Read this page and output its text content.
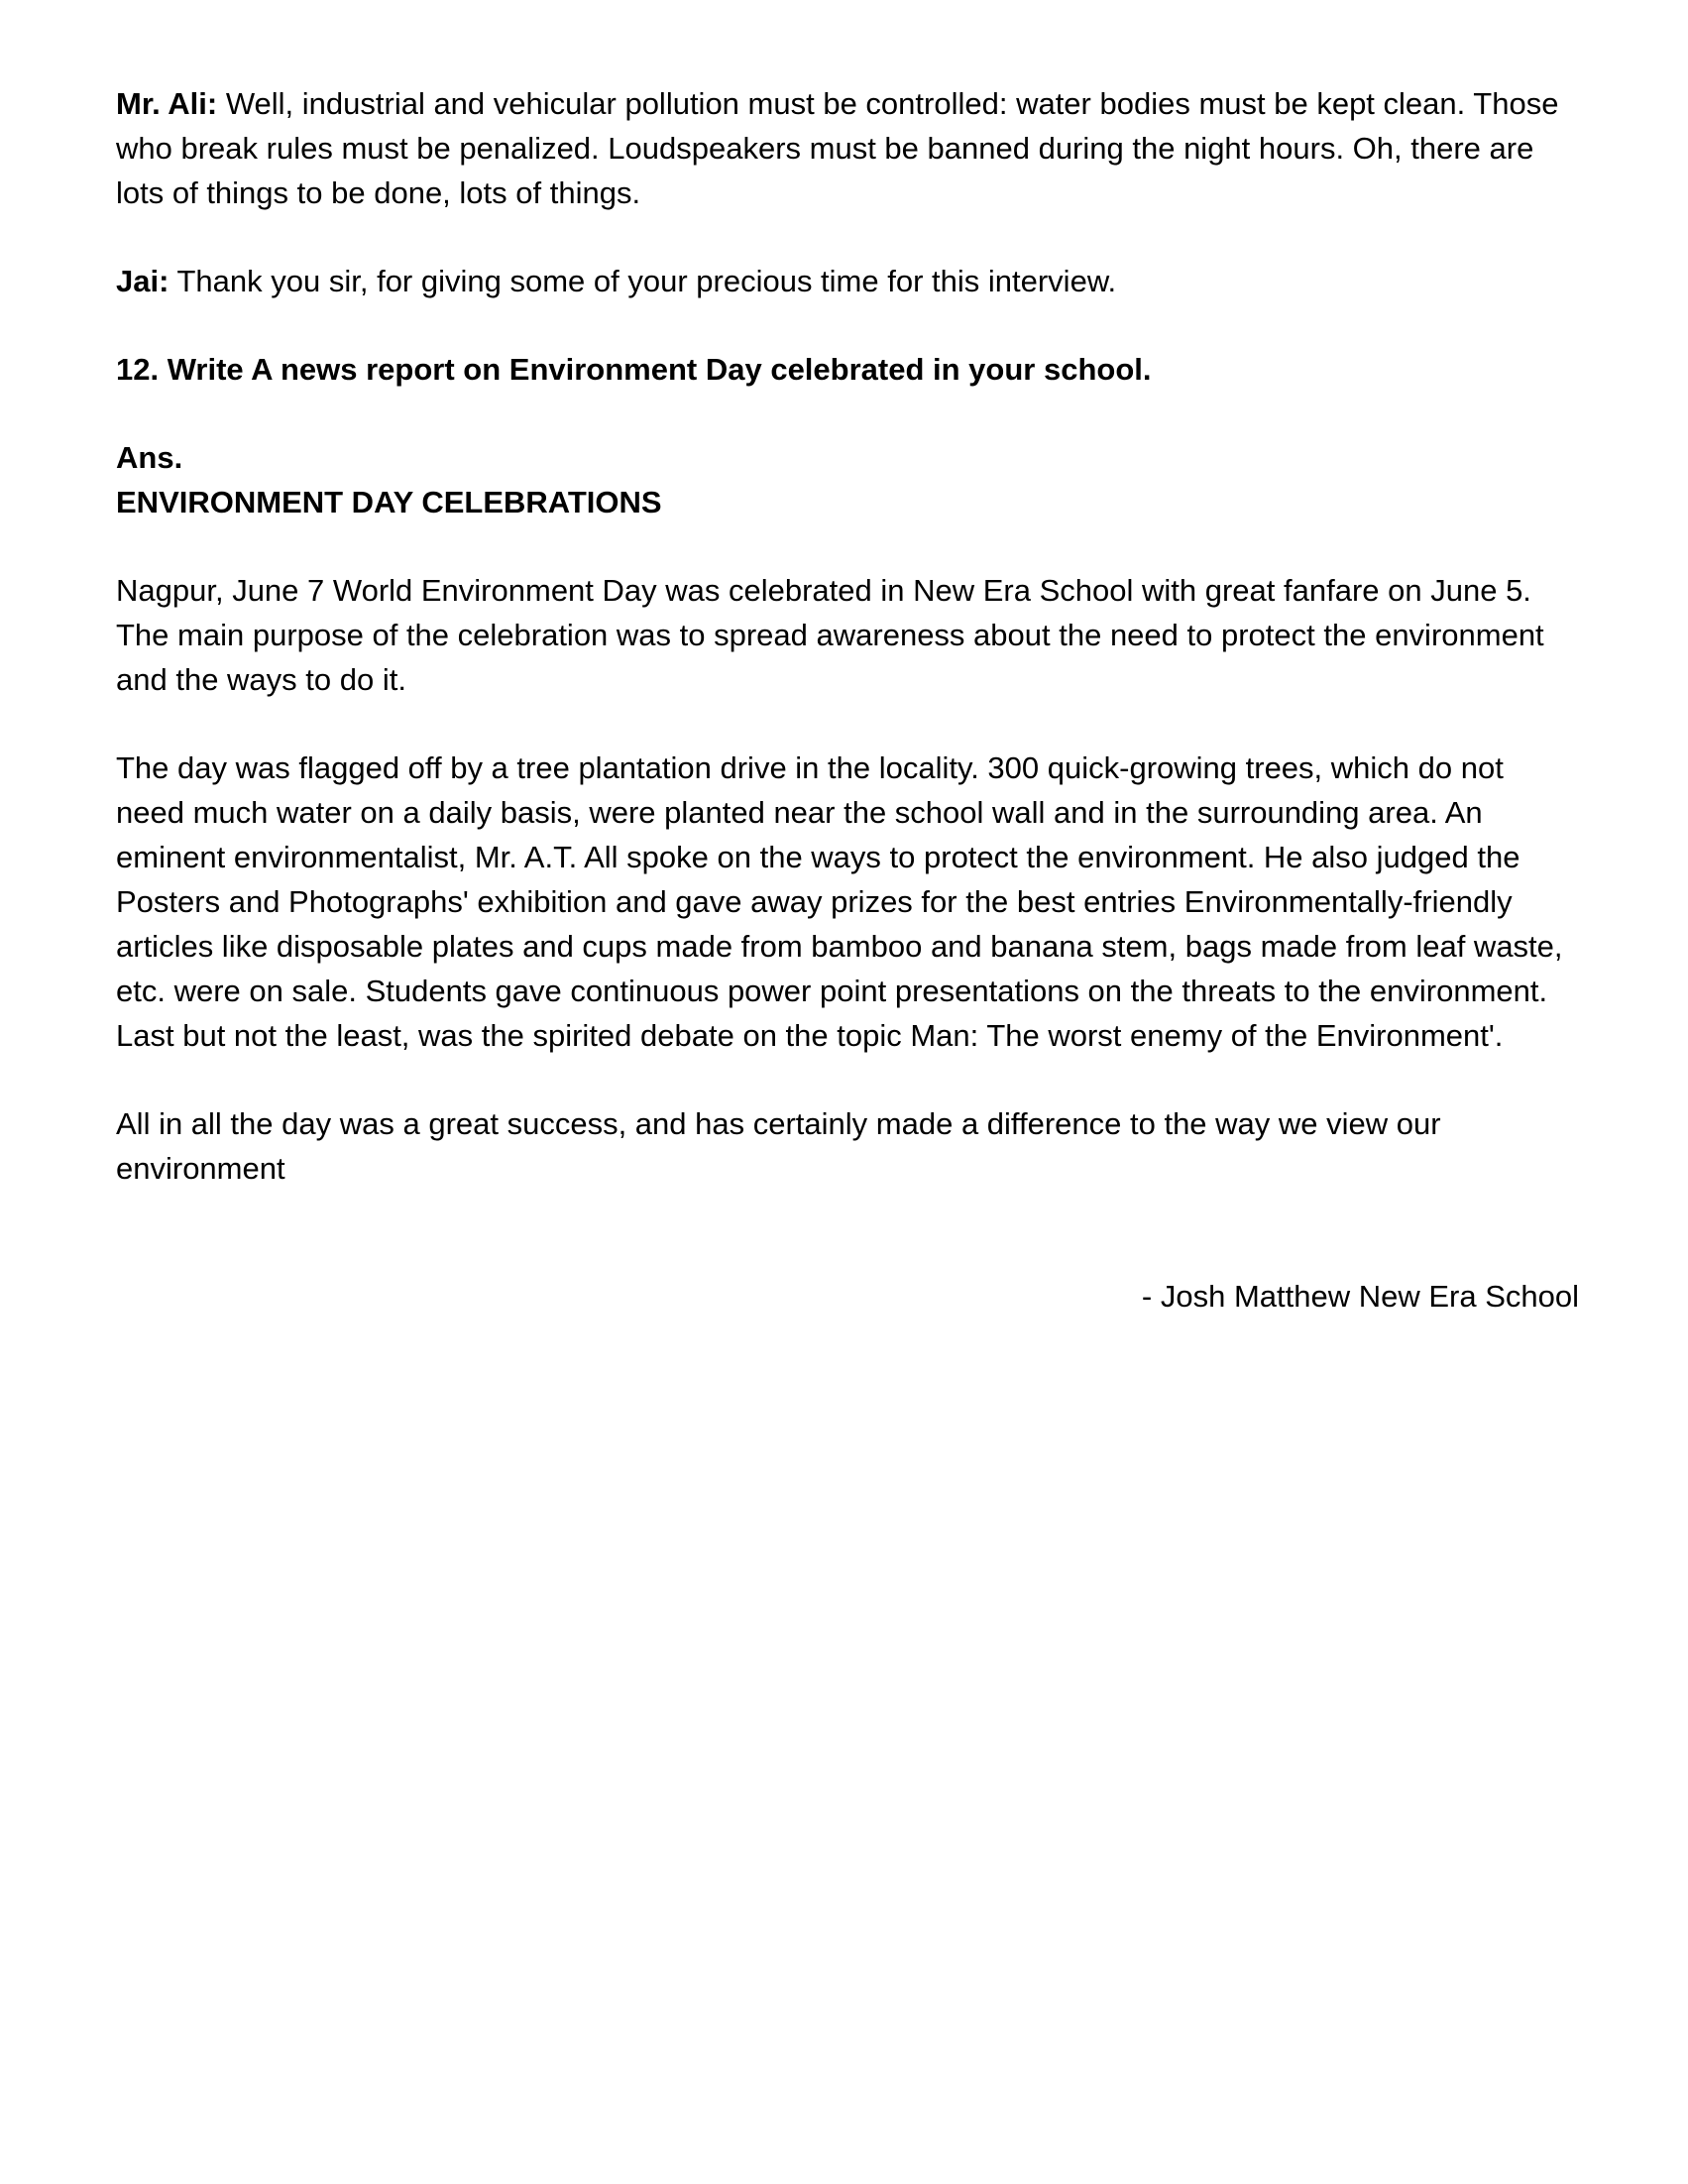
Mr. Ali: Well, industrial and vehicular pollution must be controlled: water bodies must be kept clean. Those who break rules must be penalized. Loudspeakers must be banned during the night hours. Oh, there are lots of things to be done, lots of things.

Jai: Thank you sir, for giving some of your precious time for this interview.

12. Write A news report on Environment Day celebrated in your school.

Ans.
ENVIRONMENT DAY CELEBRATIONS

Nagpur, June 7 World Environment Day was celebrated in New Era School with great fanfare on June 5. The main purpose of the celebration was to spread awareness about the need to protect the environment and the ways to do it.

The day was flagged off by a tree plantation drive in the locality. 300 quick-growing trees, which do not need much water on a daily basis, were planted near the school wall and in the surrounding area. An eminent environmentalist, Mr. A.T. All spoke on the ways to protect the environment. He also judged the Posters and Photographs' exhibition and gave away prizes for the best entries Environmentally-friendly articles like disposable plates and cups made from bamboo and banana stem, bags made from leaf waste, etc. were on sale. Students gave continuous power point presentations on the threats to the environment. Last but not the least, was the spirited debate on the topic Man: The worst enemy of the Environment'.

All in all the day was a great success, and has certainly made a difference to the way we view our environment

- Josh Matthew New Era School
